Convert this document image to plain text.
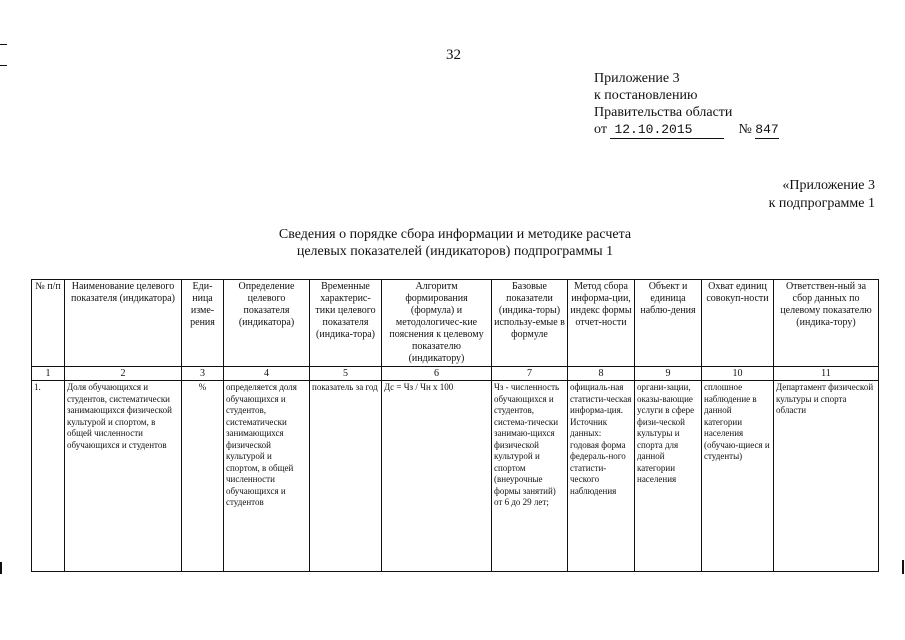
32
Приложение 3
к постановлению
Правительства области
от 12.10.2015	№ 847
«Приложение 3
к подпрограмме 1
Сведения о порядке сбора информации и методике расчета
целевых показателей (индикаторов) подпрограммы 1
№ п/п	Наименование целевого показателя (индикатора)	Еди-ница изме-рения	Определение целевого показателя (индикатора)	Временные характерис-тики целевого показателя (индика-тора)	Алгоритм формирования (формула) и методологичес-кие пояснения к целевому показателю (индикатору)	Базовые показатели (индика-торы) использу-емые в формуле	Метод сбора информа-ции, индекс формы отчет-ности	Объект и единица наблю-дения	Охват единиц совокуп-ности	Ответствен-ный за сбор данных по целевому показателю (индика-тору)
1	2	3	4	5	6	7	8	9	10	11
1.	Доля обучающихся и студентов, систематически занимающихся физической культурой и спортом, в общей численности обучающихся и студентов	%	определяется доля обучающихся и студентов, систематически занимающихся физической культурой и спортом, в общей численности обучающихся и студентов	показатель за год	Дс = Чз / Чн х 100	Чз - численность обучающихся и студентов, система-тически занимаю-щихся физической культурой и спортом (внеурочные формы занятий) от 6 до 29 лет;	официаль-ная статисти-ческая информа-ция. Источник данных: годовая форма федераль-ного статисти-ческого наблюдения	органи-зации, оказы-вающие услуги в сфере физи-ческой культуры и спорта для данной категории населения	сплошное наблюдение в данной категории населения (обучаю-щиеся и студенты)	Департамент физической культуры и спорта области
